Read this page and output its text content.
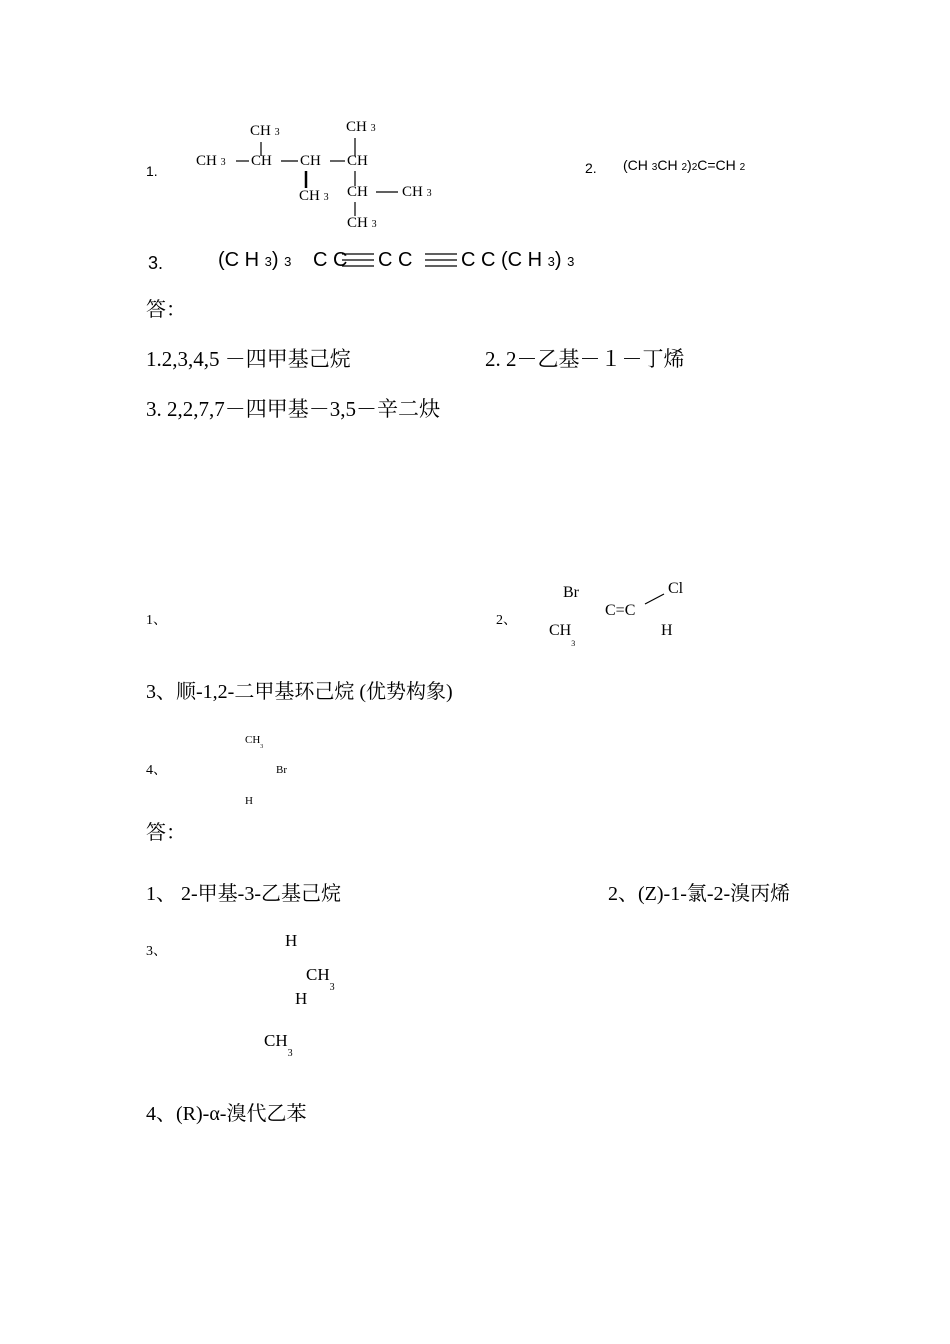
1.
CH 3	CH 3
CH 3 CH CH CH
CH 3 CH CH 3
CH 3
2. (CH 3CH 2)2C=CH 2
3.	(C H 3) 3 C C C C C C (C H 3) 3
答：
1.2,3,4,5 －四甲基己烷	2. 2－乙基－１－丁烯
3. 2,2,7,7－四甲基－3,5－辛二炔
1、	2、
Br	Cl
C=C
$CH_3$
H
3、顺-1,2-二甲基环己烷 (优势构象)
4、
$CH_3$
Br
H
答：
1、 2-甲基-3-乙基己烷	2、(Z)-1-氯-2-溴丙烯
3、
H
$CH_3$
H
$CH_3$
4、(R)-α-溴代乙苯
